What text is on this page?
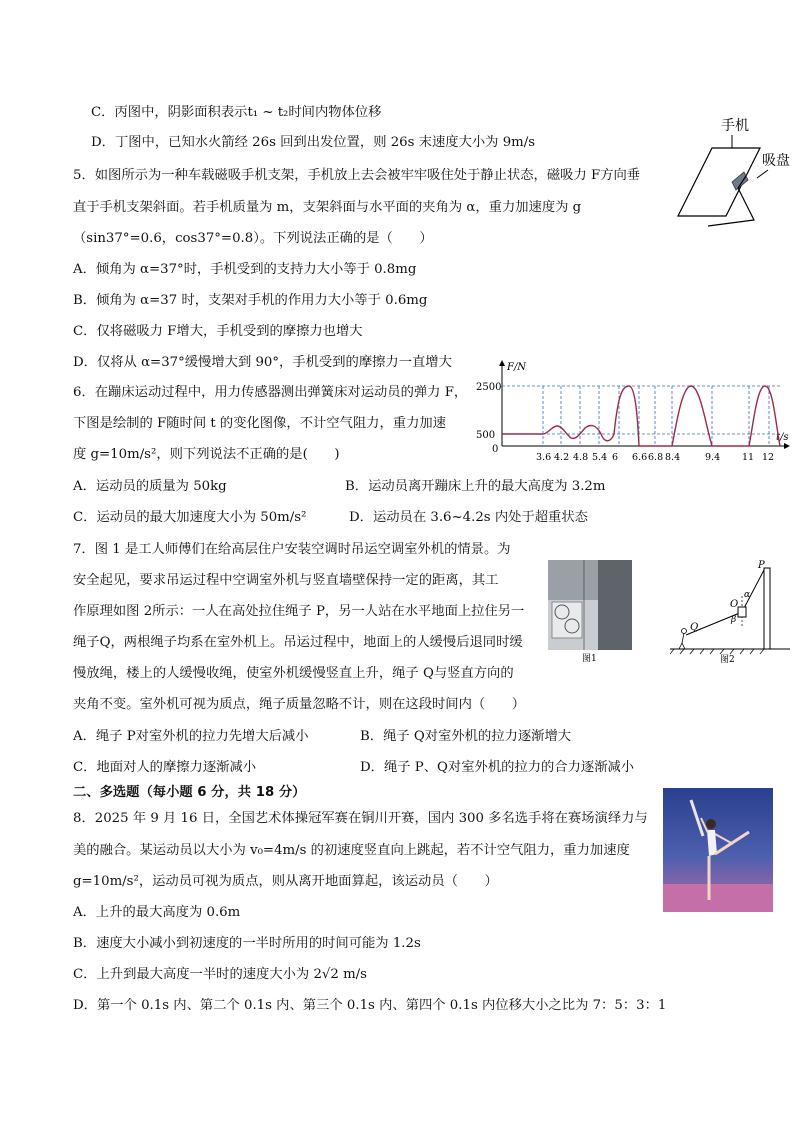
C．丙图中，阴影面积表示t₁ ~ t₂时间内物体位移
D．丁图中，已知水火箭经 26s 回到出发位置，则 26s 末速度大小为 9m/s
5．如图所示为一种车载磁吸手机支架，手机放上去会被牢牢吸住处于静止状态，磁吸力 F方向垂
直于手机支架斜面。若手机质量为 m，支架斜面与水平面的夹角为 α，重力加速度为 g
（sin37°=0.6，cos37°=0.8）。下列说法正确的是（　　）
A．倾角为 α=37°时，手机受到的支持力大小等于 0.8mg
B．倾角为 α=37 时，支架对手机的作用力大小等于 0.6mg
C．仅将磁吸力 F增大，手机受到的摩擦力也增大
D．仅将从 α=37°缓慢增大到 90°，手机受到的摩擦力一直增大
手机
吸盘
6．在蹦床运动过程中，用力传感器测出弹簧床对运动员的弹力 F，
下图是绘制的 F随时间 t 的变化图像，不计空气阻力，重力加速
度 g=10m/s²，则下列说法不正确的是(　　)
A．运动员的质量为 50kg	B．运动员离开蹦床上升的最大高度为 3.2m
C．运动员的最大加速度大小为 50m/s²	D．运动员在 3.6~4.2s 内处于超重状态
F/N
t/s
0
500
2500
3.6 4.2 4.8 5.4 6 6.6 6.8 8.4	9.4 11 12
7．图 1 是工人师傅们在给高层住户安装空调时吊运空调室外机的情景。为
安全起见，要求吊运过程中空调室外机与竖直墙壁保持一定的距离，其工
作原理如图 2所示：一人在高处拉住绳子 P，另一人站在水平地面上拉住另一
绳子Q，两根绳子均系在室外机上。吊运过程中，地面上的人缓慢后退同时缓
慢放绳，楼上的人缓慢收绳，使室外机缓慢竖直上升，绳子 Q与竖直方向的
夹角不变。室外机可视为质点，绳子质量忽略不计，则在这段时间内（　　）
A．绳子 P对室外机的拉力先增大后减小	B．绳子 Q对室外机的拉力逐渐增大
C．地面对人的摩擦力逐渐减小	D．绳子 P、Q对室外机的拉力的合力逐渐减小
图1
P
O
α
β
Q
图2
二、多选题（每小题 6 分，共 18 分）
8．2025 年 9 月 16 日，全国艺术体操冠军赛在铜川开赛，国内 300 多名选手将在赛场演绎力与
美的融合。某运动员以大小为 v₀=4m/s 的初速度竖直向上跳起，若不计空气阻力，重力加速度
g=10m/s²，运动员可视为质点，则从离开地面算起，该运动员（　　）
A．上升的最大高度为 0.6m
B．速度大小减小到初速度的一半时所用的时间可能为 1.2s
C．上升到最大高度一半时的速度大小为 2√2 m/s
D．第一个 0.1s 内、第二个 0.1s 内、第三个 0.1s 内、第四个 0.1s 内位移大小之比为 7：5：3：1
